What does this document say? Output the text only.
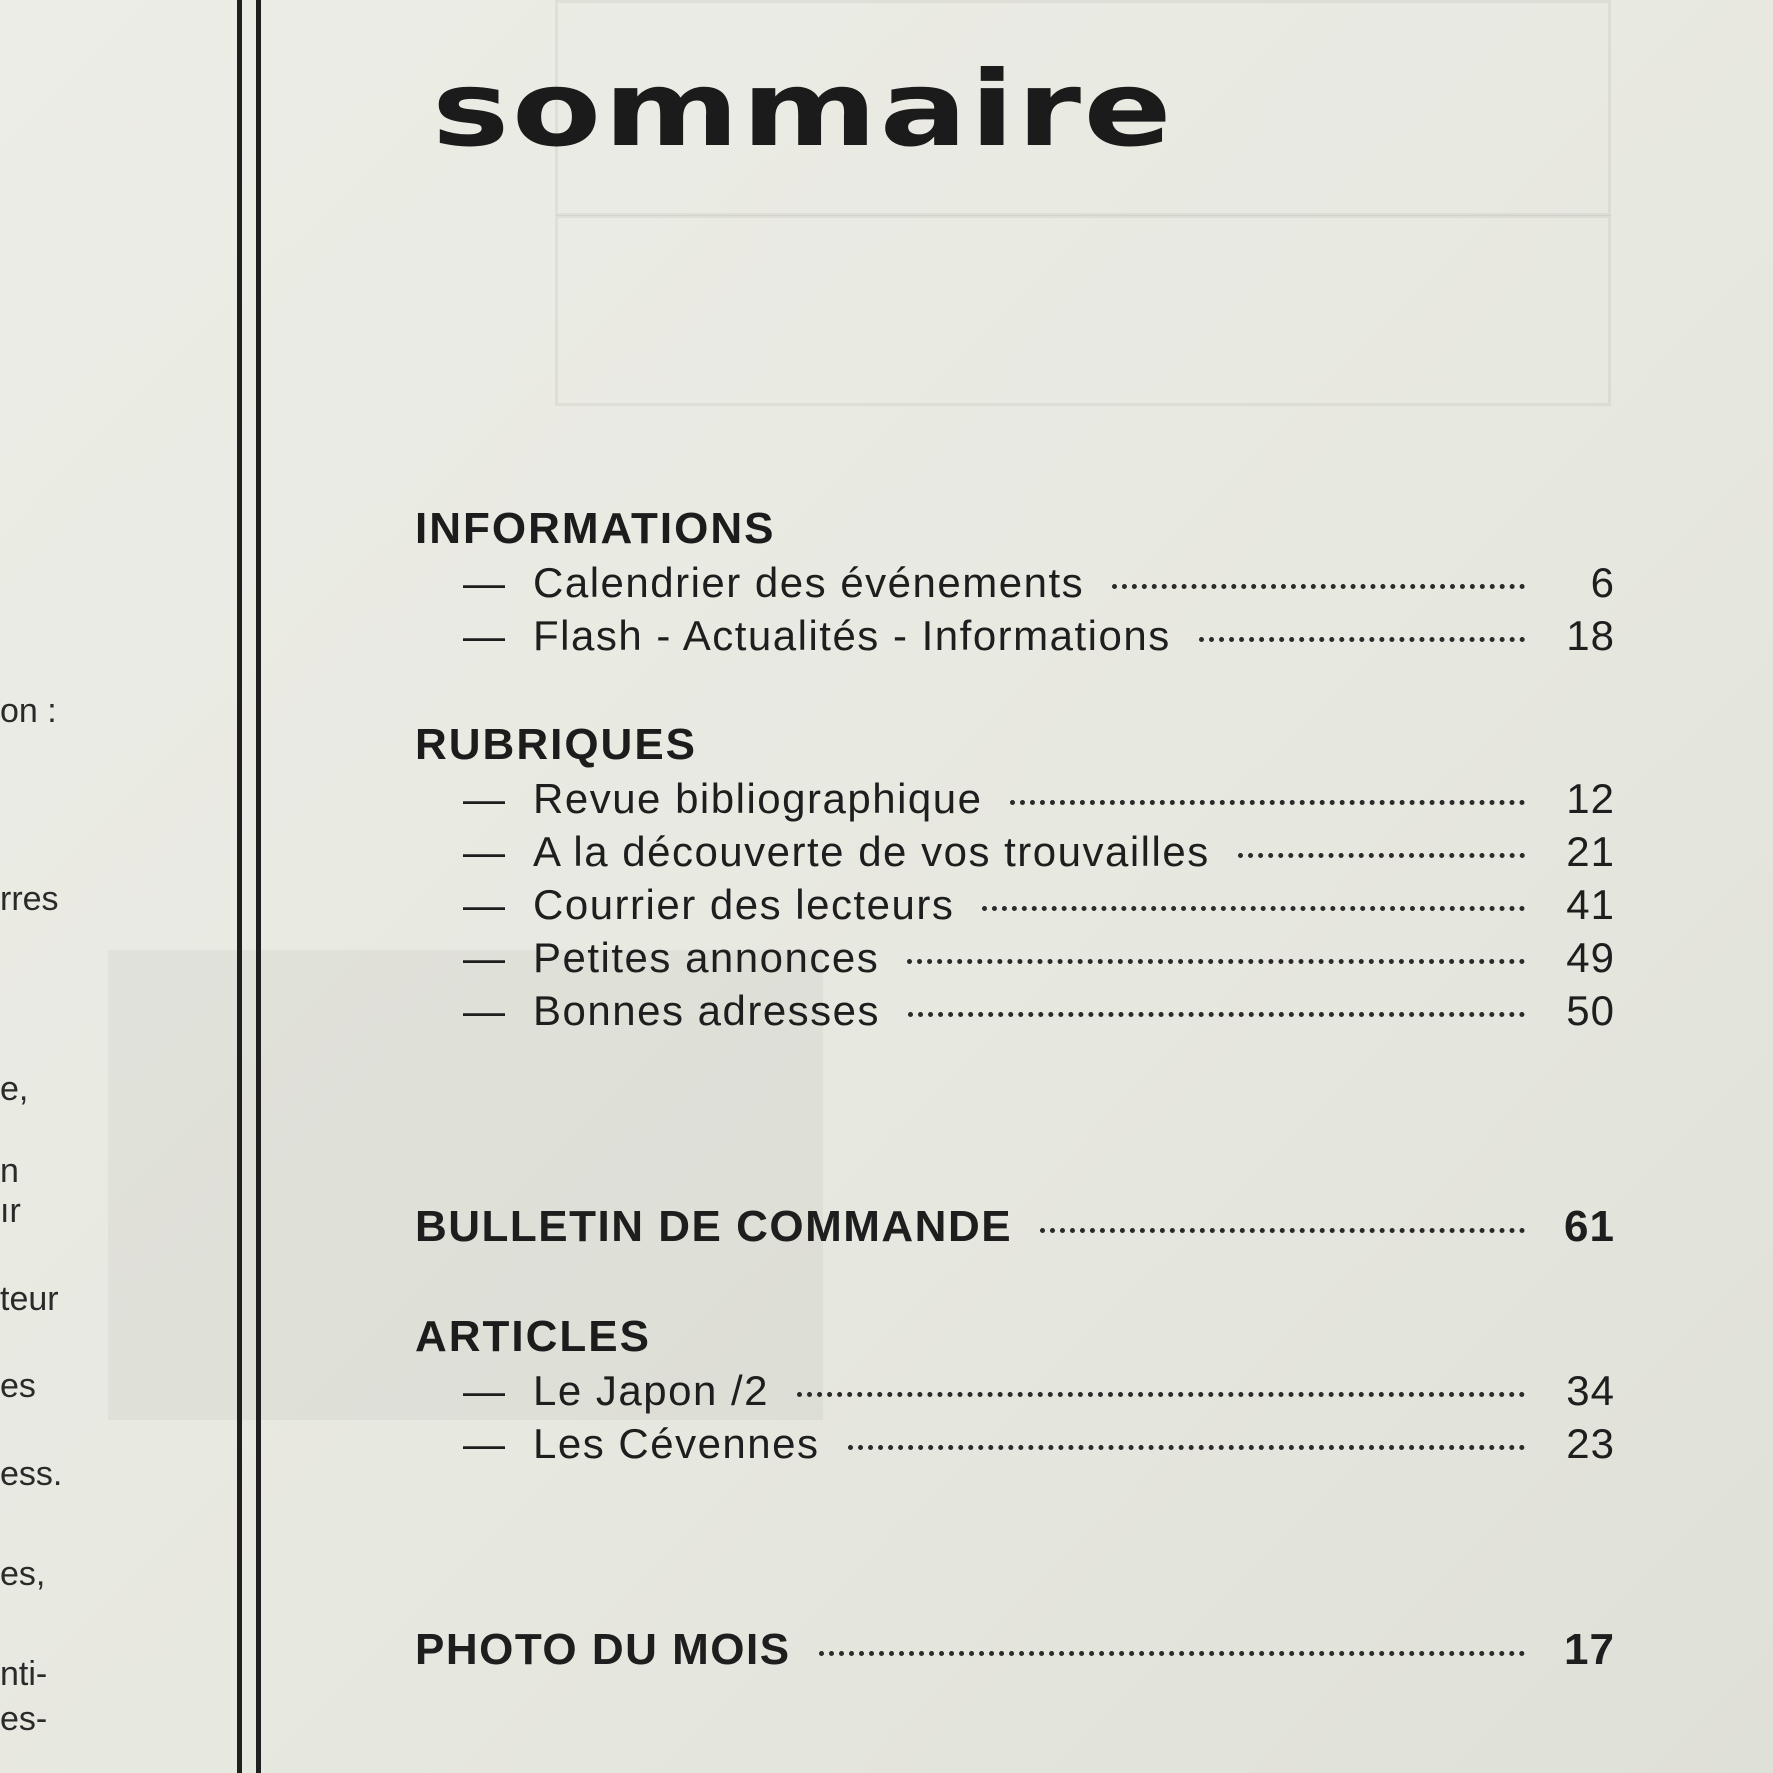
on :
rres
e,
n
ır
teur
es
ess.
es,
nti-
es-
sommaire
INFORMATIONS
— Calendrier des événements	6
— Flash - Actualités - Informations	18
RUBRIQUES
— Revue bibliographique	12
— A la découverte de vos trouvailles	21
— Courrier des lecteurs	41
— Petites annonces	49
— Bonnes adresses	50
BULLETIN DE COMMANDE	61
ARTICLES
— Le Japon /2	34
— Les Cévennes	23
PHOTO DU MOIS	17
